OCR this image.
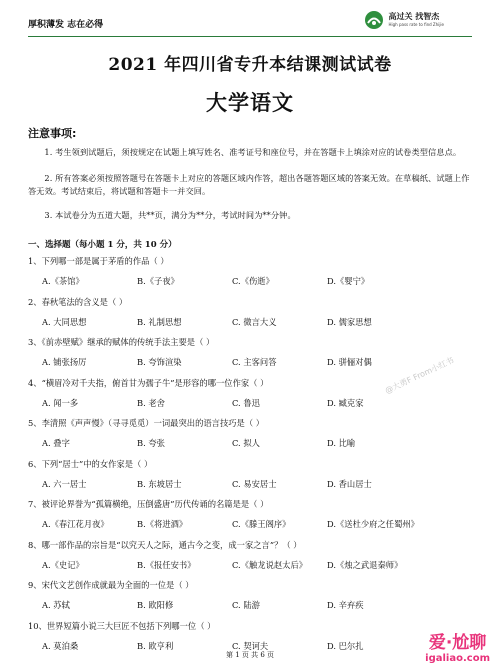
厚积薄发 志在必得
高过关 找智杰
High pass rate to find Zhijie
2021 年四川省专升本结课测试试卷
大学语文
注意事项:
1. 考生领到试题后，须按规定在试题上填写姓名、准考证号和座位号，并在答题卡上填涂对应的试卷类型信息点。
2. 所有答案必须按照答题号在答题卡上对应的答题区域内作答，超出各题答题区域的答案无效。在草稿纸、试题上作答无效。考试结束后，将试题和答题卡一并交回。
3. 本试卷分为五道大题，共**页，满分为**分，考试时间为**分钟。
一、选择题（每小题 1 分，共 10 分）
1、下列哪一部是属于茅盾的作品（ ）
A.《茶馆》	B.《子夜》	C.《伤逝》	D.《婴宁》
2、春秋笔法的含义是（ ）
A. 大同思想	B. 礼制思想	C. 微言大义	D. 儒家思想
3、《前赤壁赋》继承的赋体的传统手法主要是（ ）
A. 铺张扬厉	B. 夸饰渲染	C. 主客问答	D. 骈俪对偶
4、“横眉冷对千夫指，俯首甘为孺子牛”是形容的哪一位作家（ ）
A. 闻一多	B. 老舍	C. 鲁迅	D. 臧克家
5、李清照《声声慢》（寻寻觅觅）一词最突出的语言技巧是（ ）
A. 叠字	B. 夸张	C. 拟人	D. 比喻
6、下列“居士”中的女作家是（ ）
A. 六一居士	B. 东坡居士	C. 易安居士	D. 香山居士
7、被评论界誉为“孤篇横绝，压倒盛唐”历代传诵的名篇是是（ ）
A.《春江花月夜》	B.《将进酒》	C.《滕王阁序》	D.《送杜少府之任蜀州》
8、哪一部作品的宗旨是“以究天人之际，通古今之变，成一家之言”？（ ）
A.《史记》	B.《报任安书》	C.《触龙说赵太后》 D.《烛之武退秦师》
9、宋代文艺创作成就最为全面的一位是（ ）
A. 苏轼	B. 欧阳修	C. 陆游	D. 辛弃疾
10、世界短篇小说三大巨匠不包括下列哪一位（ ）
A. 莫泊桑	B. 欧亨利	C. 契诃夫	D. 巴尔扎
@大勇F From小红书
第 1 页 共 6 页
爱·尬聊
igaliao.com
